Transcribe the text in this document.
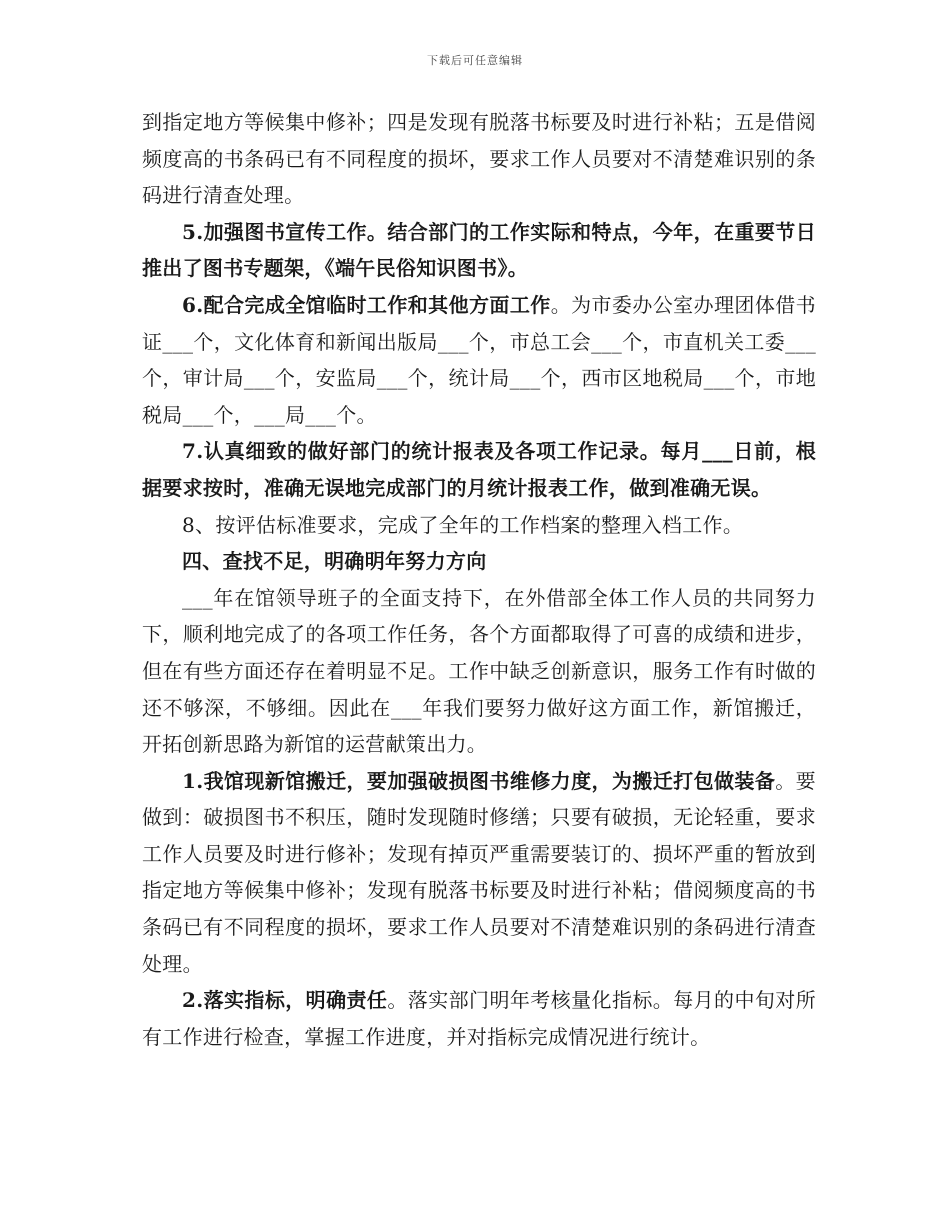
下载后可任意编辑

到指定地方等候集中修补；四是发现有脱落书标要及时进行补粘；五是借阅频度高的书条码已有不同程度的损坏，要求工作人员要对不清楚难识别的条码进行清查处理。

5.加强图书宣传工作。结合部门的工作实际和特点，今年，在重要节日推出了图书专题架，《端午民俗知识图书》。

6.配合完成全馆临时工作和其他方面工作。为市委办公室办理团体借书证___个，文化体育和新闻出版局___个，市总工会___个，市直机关工委___个，审计局___个，安监局___个，统计局___个，西市区地税局___个，市地税局___个，___局___个。

7.认真细致的做好部门的统计报表及各项工作记录。每月___日前，根据要求按时，准确无误地完成部门的月统计报表工作，做到准确无误。

8、按评估标准要求，完成了全年的工作档案的整理入档工作。

四、查找不足，明确明年努力方向

___年在馆领导班子的全面支持下，在外借部全体工作人员的共同努力下，顺利地完成了的各项工作任务，各个方面都取得了可喜的成绩和进步，但在有些方面还存在着明显不足。工作中缺乏创新意识，服务工作有时做的还不够深，不够细。因此在___年我们要努力做好这方面工作，新馆搬迁，开拓创新思路为新馆的运营献策出力。

1.我馆现新馆搬迁，要加强破损图书维修力度，为搬迁打包做装备。要做到：破损图书不积压，随时发现随时修缮；只要有破损，无论轻重，要求工作人员要及时进行修补；发现有掉页严重需要装订的、损坏严重的暂放到指定地方等候集中修补；发现有脱落书标要及时进行补粘；借阅频度高的书条码已有不同程度的损坏，要求工作人员要对不清楚难识别的条码进行清查处理。

2.落实指标，明确责任。落实部门明年考核量化指标。每月的中旬对所有工作进行检查，掌握工作进度，并对指标完成情况进行统计。
